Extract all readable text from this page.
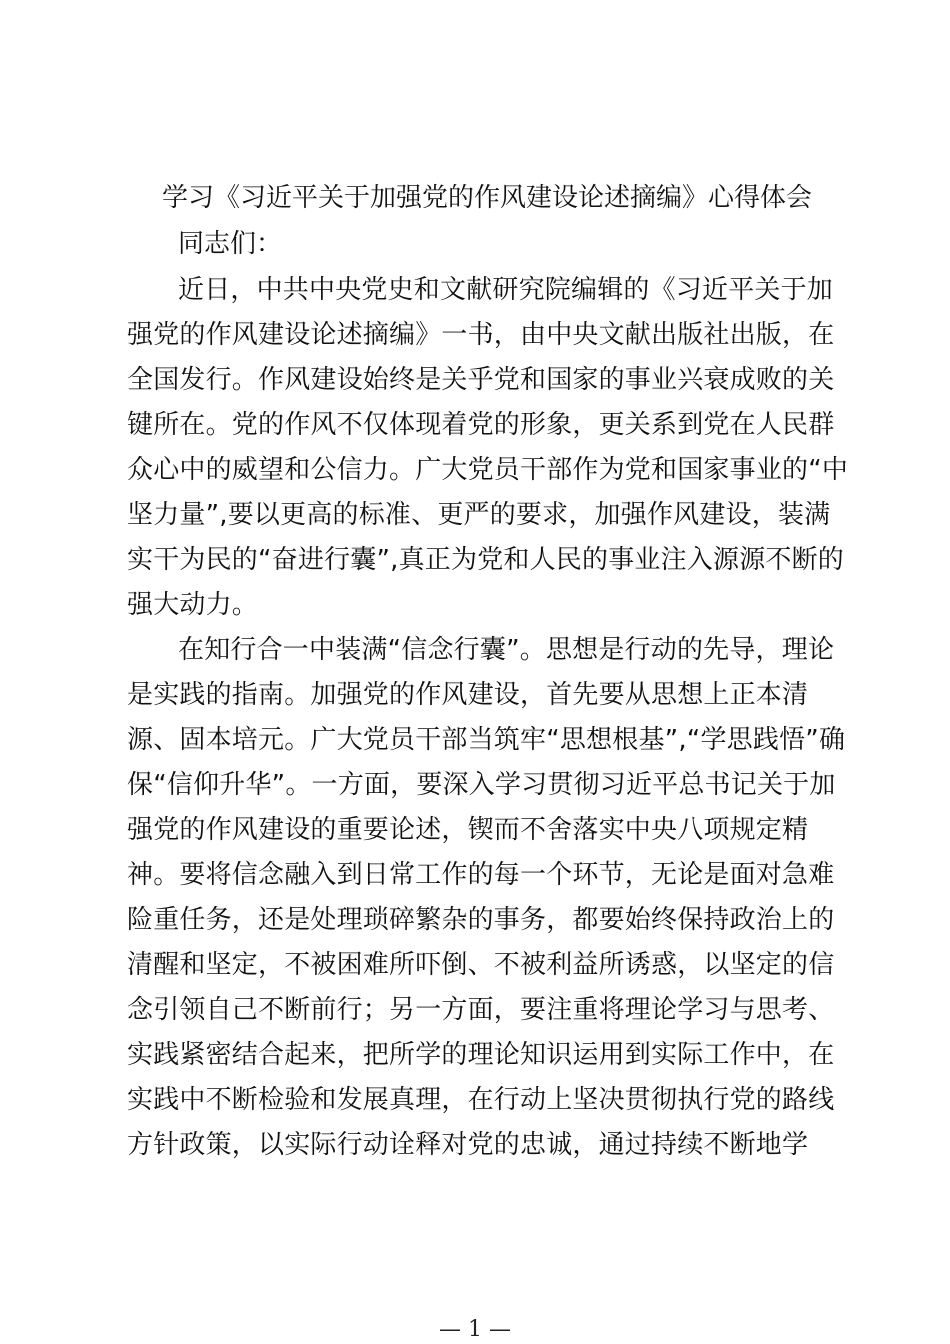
学习《习近平关于加强党的作风建设论述摘编》心得体会
同志们：
近日，中共中央党史和文献研究院编辑的《习近平关于加
强党的作风建设论述摘编》一书，由中央文献出版社出版，在
全国发行。作风建设始终是关乎党和国家的事业兴衰成败的关
键所在。党的作风不仅体现着党的形象，更关系到党在人民群
众心中的威望和公信力。广大党员干部作为党和国家事业的“中
坚力量”,要以更高的标准、更严的要求，加强作风建设，装满
实干为民的“奋进行囊”,真正为党和人民的事业注入源源不断的
强大动力。
在知行合一中装满“信念行囊”。思想是行动的先导，理论
是实践的指南。加强党的作风建设，首先要从思想上正本清
源、固本培元。广大党员干部当筑牢“思想根基”,“学思践悟”确
保“信仰升华”。一方面，要深入学习贯彻习近平总书记关于加
强党的作风建设的重要论述，锲而不舍落实中央八项规定精
神。要将信念融入到日常工作的每一个环节，无论是面对急难
险重任务，还是处理琐碎繁杂的事务，都要始终保持政治上的
清醒和坚定，不被困难所吓倒、不被利益所诱惑，以坚定的信
念引领自己不断前行；另一方面，要注重将理论学习与思考、
实践紧密结合起来，把所学的理论知识运用到实际工作中，在
实践中不断检验和发展真理，在行动上坚决贯彻执行党的路线
方针政策，以实际行动诠释对党的忠诚，通过持续不断地学
— 1 —
